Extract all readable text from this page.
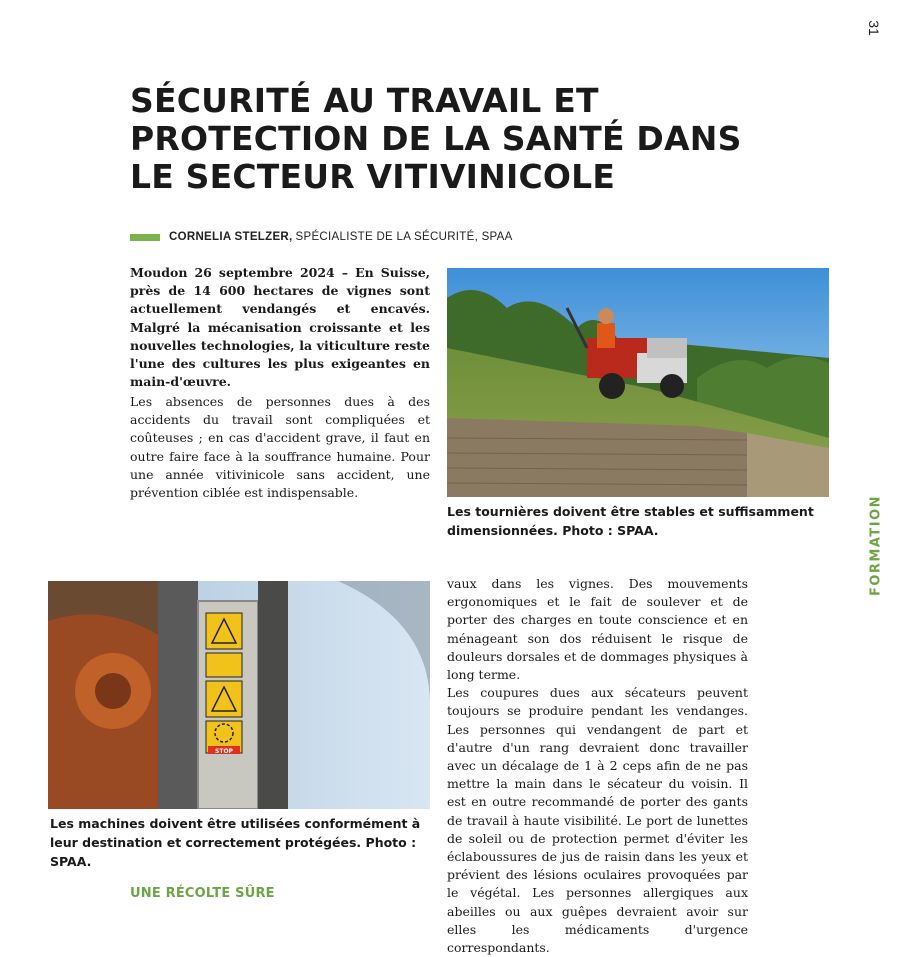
31
SÉCURITÉ AU TRAVAIL ET
PROTECTION DE LA SANTÉ DANS
LE SECTEUR VITIVINICOLE
CORNELIA STELZER, SPÉCIALISTE DE LA SÉCURITÉ, SPAA

Moudon 26 septembre 2024 – En Suisse, près de 14 600 hectares de vignes sont actuellement vendangés et encavés. Malgré la mécanisation croissante et les nouvelles technologies, la viticulture reste l'une des cultures les plus exigeantes en main-d'œuvre.

Les absences de personnes dues à des accidents du travail sont compliquées et coûteuses ; en cas d'accident grave, il faut en outre faire face à la souffrance humaine. Pour une année vitivinicole sans accident, une prévention ciblée est indispensable.

Les tournières doivent être stables et suffisamment dimensionnées. Photo : SPAA.

STOP

Les machines doivent être utilisées conformément à leur destination et correctement protégées. Photo : SPAA.

UNE RÉCOLTE SÛRE

vaux dans les vignes. Des mouvements ergonomiques et le fait de soulever et de porter des charges en toute conscience et en ménageant son dos réduisent le risque de douleurs dorsales et de dommages physiques à long terme.

Les coupures dues aux sécateurs peuvent toujours se produire pendant les vendanges. Les personnes qui vendangent de part et d'autre d'un rang devraient donc travailler avec un décalage de 1 à 2 ceps afin de ne pas mettre la main dans le sécateur du voisin. Il est en outre recommandé de porter des gants de travail à haute visibilité. Le port de lunettes de soleil ou de protection permet d'éviter les éclaboussures de jus de raisin dans les yeux et prévient des lésions oculaires provoquées par le végétal. Les personnes allergiques aux abeilles ou aux guêpes devraient avoir sur elles les médicaments d'urgence correspondants.

FORMATION
